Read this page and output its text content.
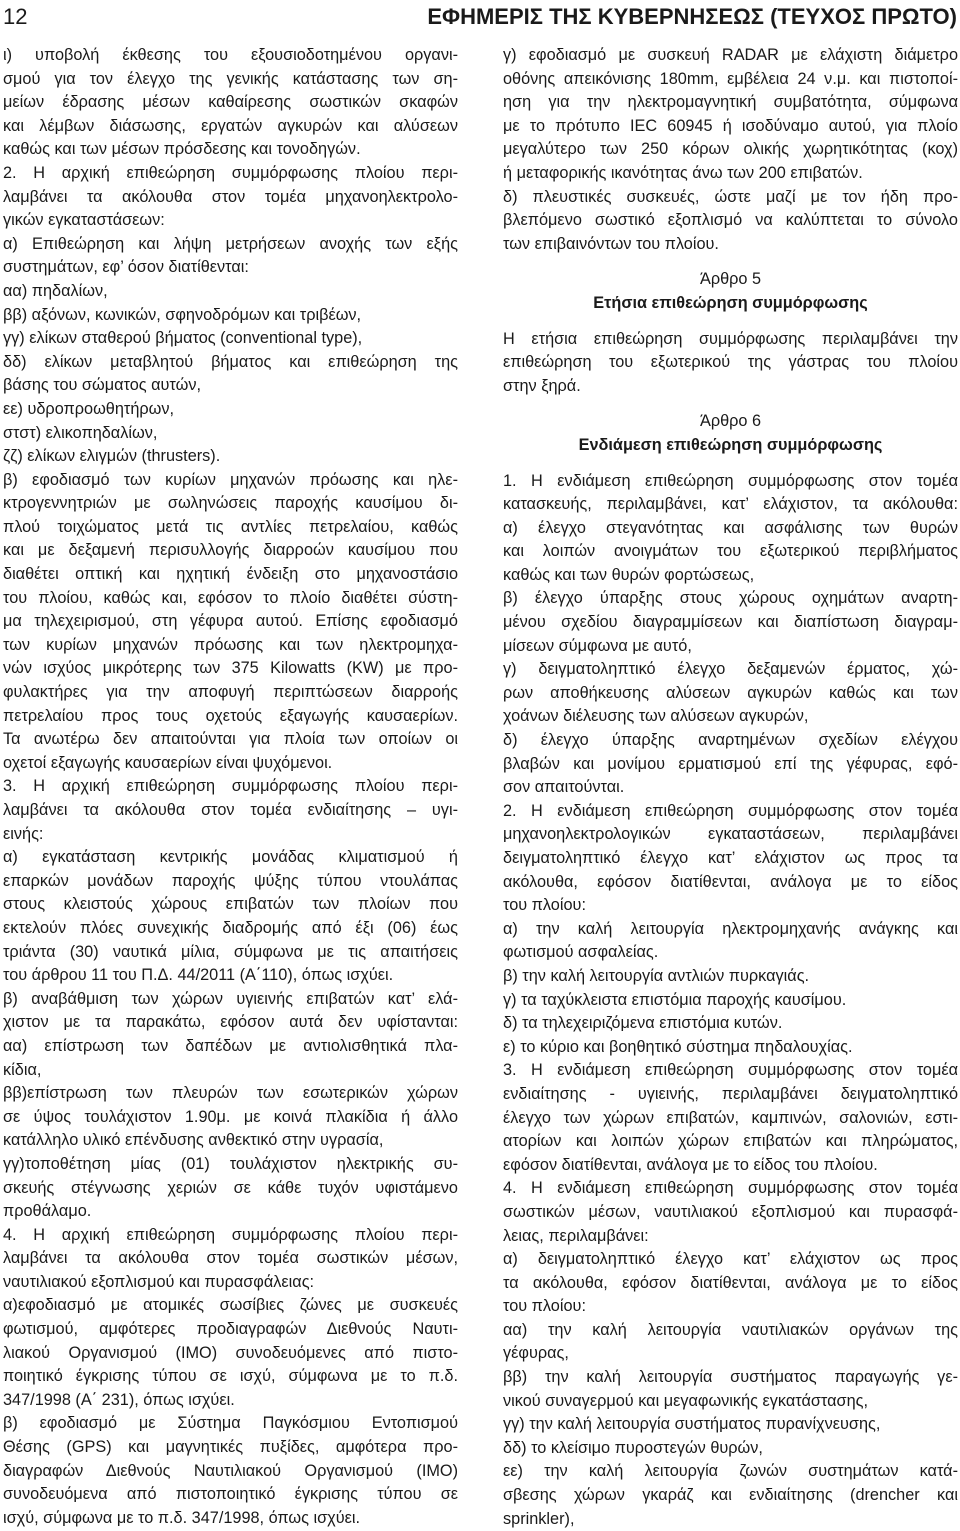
12	ΕΦΗΜΕΡΙΣ ΤΗΣ ΚΥΒΕΡΝΗΣΕΩΣ (ΤΕΥΧΟΣ ΠΡΩΤΟ)
ι) υποβολή έκθεσης του εξουσιοδοτημένου οργανι-
σμού για τον έλεγχο της γενικής κατάστασης των ση-
μείων έδρασης μέσων καθαίρεσης σωστικών σκαφών
και λέμβων διάσωσης, εργατών αγκυρών και αλύσεων
καθώς και των μέσων πρόσδεσης και τονοδηγών.
2. Η αρχική επιθεώρηση συμμόρφωσης πλοίου περι-
λαμβάνει τα ακόλουθα στον τομέα μηχανοηλεκτρολο-
γικών εγκαταστάσεων:
α) Επιθεώρηση και λήψη μετρήσεων ανοχής των εξής
συστημάτων, εφ’ όσον διατίθενται:
αα) πηδαλίων,
ββ) αξόνων, κωνικών, σφηνοδρόμων και τριβέων,
γγ) ελίκων σταθερού βήματος (conventional type),
δδ) ελίκων μεταβλητού βήματος και επιθεώρηση της
βάσης του σώματος αυτών,
εε) υδροπροωθητήρων,
στστ) ελικοπηδαλίων,
ζζ) ελίκων ελιγμών (thrusters).
β) εφοδιασμό των κυρίων μηχανών πρόωσης και ηλε-
κτρογεννητριών με σωληνώσεις παροχής καυσίμου δι-
πλού τοιχώματος μετά τις αντλίες πετρελαίου, καθώς
και με δεξαμενή περισυλλογής διαρροών καυσίμου που
διαθέτει οπτική και ηχητική ένδειξη στο μηχανοστάσιο
του πλοίου, καθώς και, εφόσον το πλοίο διαθέτει σύστη-
μα τηλεχειρισμού, στη γέφυρα αυτού. Επίσης εφοδιασμό
των κυρίων μηχανών πρόωσης και των ηλεκτρομηχα-
νών ισχύος μικρότερης των 375 Kilowatts (KW) με προ-
φυλακτήρες για την αποφυγή περιπτώσεων διαρροής
πετρελαίου προς τους οχετούς εξαγωγής καυσαερίων.
Τα ανωτέρω δεν απαιτούνται για πλοία των οποίων οι
οχετοί εξαγωγής καυσαερίων είναι ψυχόμενοι.
3. Η αρχική επιθεώρηση συμμόρφωσης πλοίου περι-
λαμβάνει τα ακόλουθα στον τομέα ενδιαίτησης – υγι-
εινής:
α) εγκατάσταση κεντρικής μονάδας κλιματισμού ή
επαρκών μονάδων παροχής ψύξης τύπου ντουλάπας
στους κλειστούς χώρους επιβατών των πλοίων που
εκτελούν πλόες συνεχικής διαδρομής από έξι (06) έως
τριάντα (30) ναυτικά μίλια, σύμφωνα με τις απαιτήσεις
του άρθρου 11 του Π.Δ. 44/2011 (Α΄110), όπως ισχύει.
β) αναβάθμιση των χώρων υγιεινής επιβατών κατ’ ελά-
χιστον με τα παρακάτω, εφόσον αυτά δεν υφίστανται:
αα) επίστρωση των δαπέδων με αντιολισθητικά πλα-
κίδια,
ββ)επίστρωση των πλευρών των εσωτερικών χώρων
σε ύψος τουλάχιστον 1.90μ. με κοινά πλακίδια ή άλλο
κατάλληλο υλικό επένδυσης ανθεκτικό στην υγρασία,
γγ)τοποθέτηση μίας (01) τουλάχιστον ηλεκτρικής συ-
σκευής στέγνωσης χεριών σε κάθε τυχόν υφιστάμενο
προθάλαμο.
4. Η αρχική επιθεώρηση συμμόρφωσης πλοίου περι-
λαμβάνει τα ακόλουθα στον τομέα σωστικών μέσων,
ναυτιλιακού εξοπλισμού και πυρασφάλειας:
α)εφοδιασμό με ατομικές σωσίβιες ζώνες με συσκευές
φωτισμού, αμφότερες προδιαγραφών Διεθνούς Ναυτι-
λιακού Οργανισμού (IMO) συνοδευόμενες από πιστο-
ποιητικό έγκρισης τύπου σε ισχύ, σύμφωνα με το π.δ.
347/1998 (Α΄ 231), όπως ισχύει.
β) εφοδιασμό με Σύστημα Παγκόσμιου Εντοπισμού
Θέσης (GPS) και μαγνητικές πυξίδες, αμφότερα προ-
διαγραφών Διεθνούς Ναυτιλιακού Οργανισμού (IMO)
συνοδευόμενα από πιστοποιητικό έγκρισης τύπου σε
ισχύ, σύμφωνα με το π.δ. 347/1998, όπως ισχύει.
γ) εφοδιασμό με συσκευή RADAR με ελάχιστη διάμετρο
οθόνης απεικόνισης 180mm, εμβέλεια 24 ν.μ. και πιστοποί-
ηση για την ηλεκτρομαγνητική συμβατότητα, σύμφωνα
με το πρότυπο IEC 60945 ή ισοδύναμο αυτού, για πλοίο
μεγαλύτερο των 250 κόρων ολικής χωρητικότητας (κοχ)
ή μεταφορικής ικανότητας άνω των 200 επιβατών.
δ) πλευστικές συσκευές, ώστε μαζί με τον ήδη προ-
βλεπόμενο σωστικό εξοπλισμό να καλύπτεται το σύνολο
των επιβαινόντων του πλοίου.
Άρθρο 5
Ετήσια επιθεώρηση συμμόρφωσης
Η ετήσια επιθεώρηση συμμόρφωσης περιλαμβάνει την
επιθεώρηση του εξωτερικού της γάστρας του πλοίου
στην ξηρά.
Άρθρο 6
Ενδιάμεση επιθεώρηση συμμόρφωσης
1. Η ενδιάμεση επιθεώρηση συμμόρφωσης στον τομέα
κατασκευής, περιλαμβάνει, κατ’ ελάχιστον, τα ακόλουθα:
α) έλεγχο στεγανότητας και ασφάλισης των θυρών
και λοιπών ανοιγμάτων του εξωτερικού περιβλήματος
καθώς και των θυρών φορτώσεως,
β) έλεγχο ύπαρξης στους χώρους οχημάτων αναρτη-
μένου σχεδίου διαγραμμίσεων και διαπίστωση διαγραμ-
μίσεων σύμφωνα με αυτό,
γ) δειγματοληπτικό έλεγχο δεξαμενών έρματος, χώ-
ρων αποθήκευσης αλύσεων αγκυρών καθώς και των
χοάνων διέλευσης των αλύσεων αγκυρών,
δ) έλεγχο ύπαρξης αναρτημένων σχεδίων ελέγχου
βλαβών και μονίμου ερματισμού επί της γέφυρας, εφό-
σον απαιτούνται.
2. Η ενδιάμεση επιθεώρηση συμμόρφωσης στον τομέα
μηχανοηλεκτρολογικών εγκαταστάσεων, περιλαμβάνει
δειγματοληπτικό έλεγχο κατ’ ελάχιστον ως προς τα
ακόλουθα, εφόσον διατίθενται, ανάλογα με το είδος
του πλοίου:
α) την καλή λειτουργία ηλεκτρομηχανής ανάγκης και
φωτισμού ασφαλείας.
β) την καλή λειτουργία αντλιών πυρκαγιάς.
γ) τα ταχύκλειστα επιστόμια παροχής καυσίμου.
δ) τα τηλεχειριζόμενα επιστόμια κυτών.
ε) το κύριο και βοηθητικό σύστημα πηδαλουχίας.
3. Η ενδιάμεση επιθεώρηση συμμόρφωσης στον τομέα
ενδιαίτησης - υγιεινής, περιλαμβάνει δειγματοληπτικό
έλεγχο των χώρων επιβατών, καμπινών, σαλονιών, εστι-
ατορίων και λοιπών χώρων επιβατών και πληρώματος,
εφόσον διατίθενται, ανάλογα με το είδος του πλοίου.
4. Η ενδιάμεση επιθεώρηση συμμόρφωσης στον τομέα
σωστικών μέσων, ναυτιλιακού εξοπλισμού και πυρασφά-
λειας, περιλαμβάνει:
α) δειγματοληπτικό έλεγχο κατ’ ελάχιστον ως προς
τα ακόλουθα, εφόσον διατίθενται, ανάλογα με το είδος
του πλοίου:
αα) την καλή λειτουργία ναυτιλιακών οργάνων της
γέφυρας,
ββ) την καλή λειτουργία συστήματος παραγωγής γε-
νικού συναγερμού και μεγαφωνικής εγκατάστασης,
γγ) την καλή λειτουργία συστήματος πυρανίχνευσης,
δδ) το κλείσιμο πυροστεγών θυρών,
εε) την καλή λειτουργία ζωνών συστημάτων κατά-
σβεσης χώρων γκαράζ και ενδιαίτησης (drencher και
sprinkler),
